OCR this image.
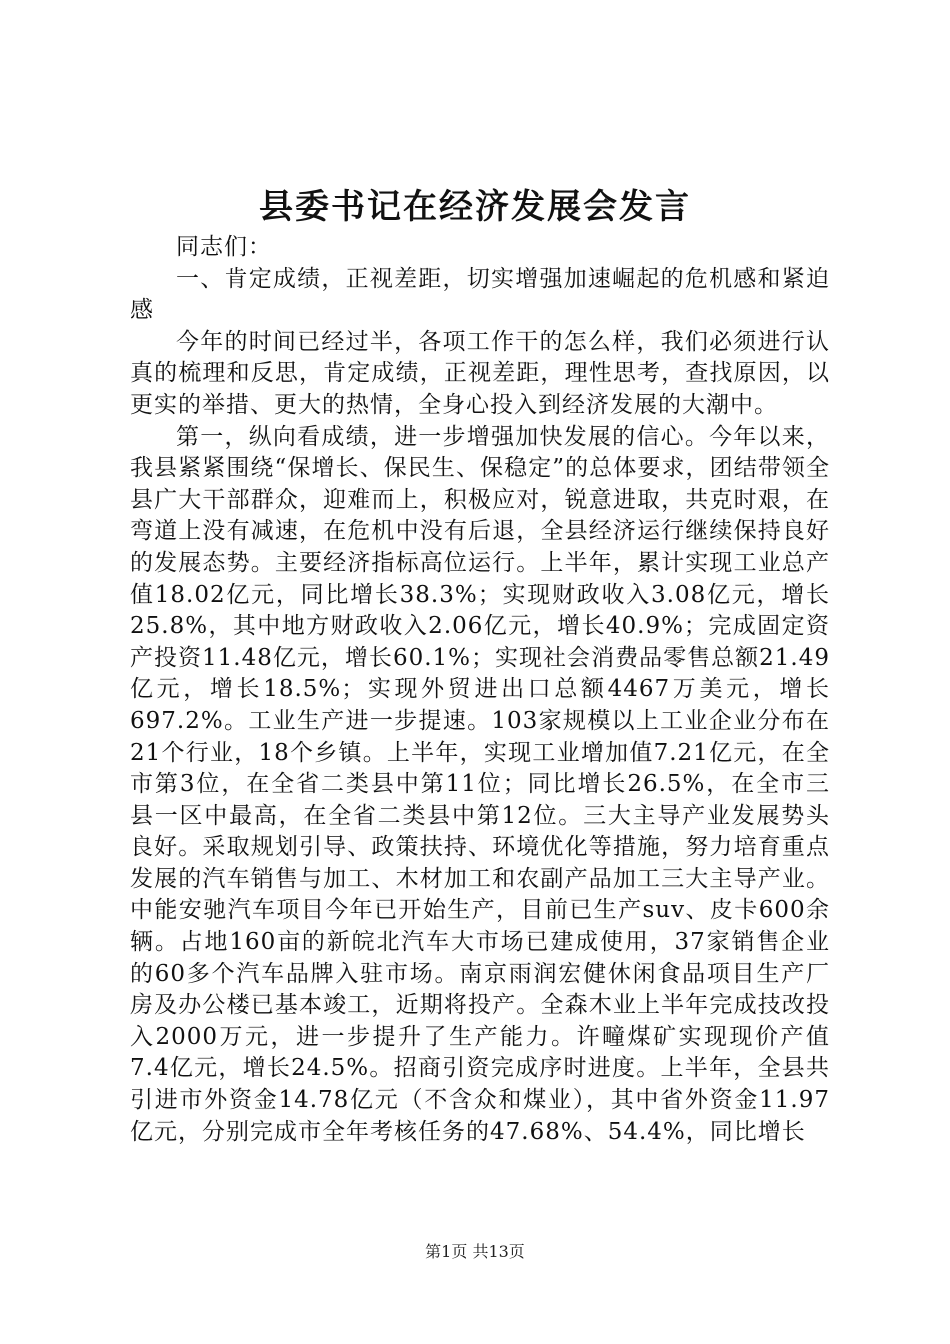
县委书记在经济发展会发言

同志们：

一、肯定成绩，正视差距，切实增强加速崛起的危机感和紧迫感

今年的时间已经过半，各项工作干的怎么样，我们必须进行认真的梳理和反思，肯定成绩，正视差距，理性思考，查找原因，以更实的举措、更大的热情，全身心投入到经济发展的大潮中。

第一，纵向看成绩，进一步增强加快发展的信心。今年以来，我县紧紧围绕“保增长、保民生、保稳定”的总体要求，团结带领全县广大干部群众，迎难而上，积极应对，锐意进取，共克时艰，在弯道上没有减速，在危机中没有后退，全县经济运行继续保持良好的发展态势。主要经济指标高位运行。上半年，累计实现工业总产值18.02亿元，同比增长38.3%；实现财政收入3.08亿元，增长25.8%，其中地方财政收入2.06亿元，增长40.9%；完成固定资产投资11.48亿元，增长60.1%；实现社会消费品零售总额21.49亿元，增长18.5%；实现外贸进出口总额4467万美元，增长697.2%。工业生产进一步提速。103家规模以上工业企业分布在21个行业，18个乡镇。上半年，实现工业增加值7.21亿元，在全市第3位，在全省二类县中第11位；同比增长26.5%，在全市三县一区中最高，在全省二类县中第12位。三大主导产业发展势头良好。采取规划引导、政策扶持、环境优化等措施，努力培育重点发展的汽车销售与加工、木材加工和农副产品加工三大主导产业。中能安驰汽车项目今年已开始生产，目前已生产suv、皮卡600余辆。占地160亩的新皖北汽车大市场已建成使用，37家销售企业的60多个汽车品牌入驻市场。南京雨润宏健休闲食品项目生产厂房及办公楼已基本竣工，近期将投产。全森木业上半年完成技改投入2000万元，进一步提升了生产能力。许疃煤矿实现现价产值7.4亿元，增长24.5%。招商引资完成序时进度。上半年，全县共引进市外资金14.78亿元（不含众和煤业），其中省外资金11.97亿元，分别完成市全年考核任务的47.68%、54.4%，同比增长

第1页 共13页
